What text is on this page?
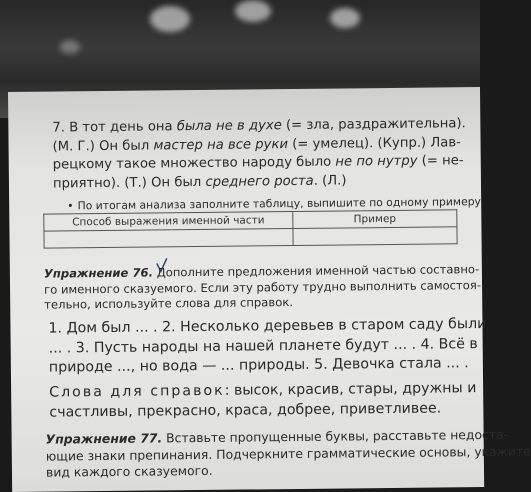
7. В тот день она была не в духе (= зла, раздражительна).
(М. Г.) Он был мастер на все руки (= умелец). (Купр.) Лав-
рецкому такое множество народу было не по нутру (= не-
приятно). (Т.) Он был среднего роста. (Л.)
• По итогам анализа заполните таблицу, выпишите по одному примеру.
Способ выражения именной части	Пример

Упражнение 76. Дополните предложения именной частью составно-
го именного сказуемого. Если эту работу трудно выполнить самостоя-
тельно, используйте слова для справок.
1. Дом был ... . 2. Несколько деревьев в старом саду были
... . 3. Пусть народы на нашей планете будут ... . 4. Всё в
природе ..., но вода — ... природы. 5. Девочка стала ... .
Слова для справок: высок, красив, стары, дружны и
счастливы, прекрасно, краса, добрее, приветливее.
Упражнение 77. Вставьте пропущенные буквы, расставьте недоста-
ющие знаки препинания. Подчеркните грамматические основы, укажите
вид каждого сказуемого.
